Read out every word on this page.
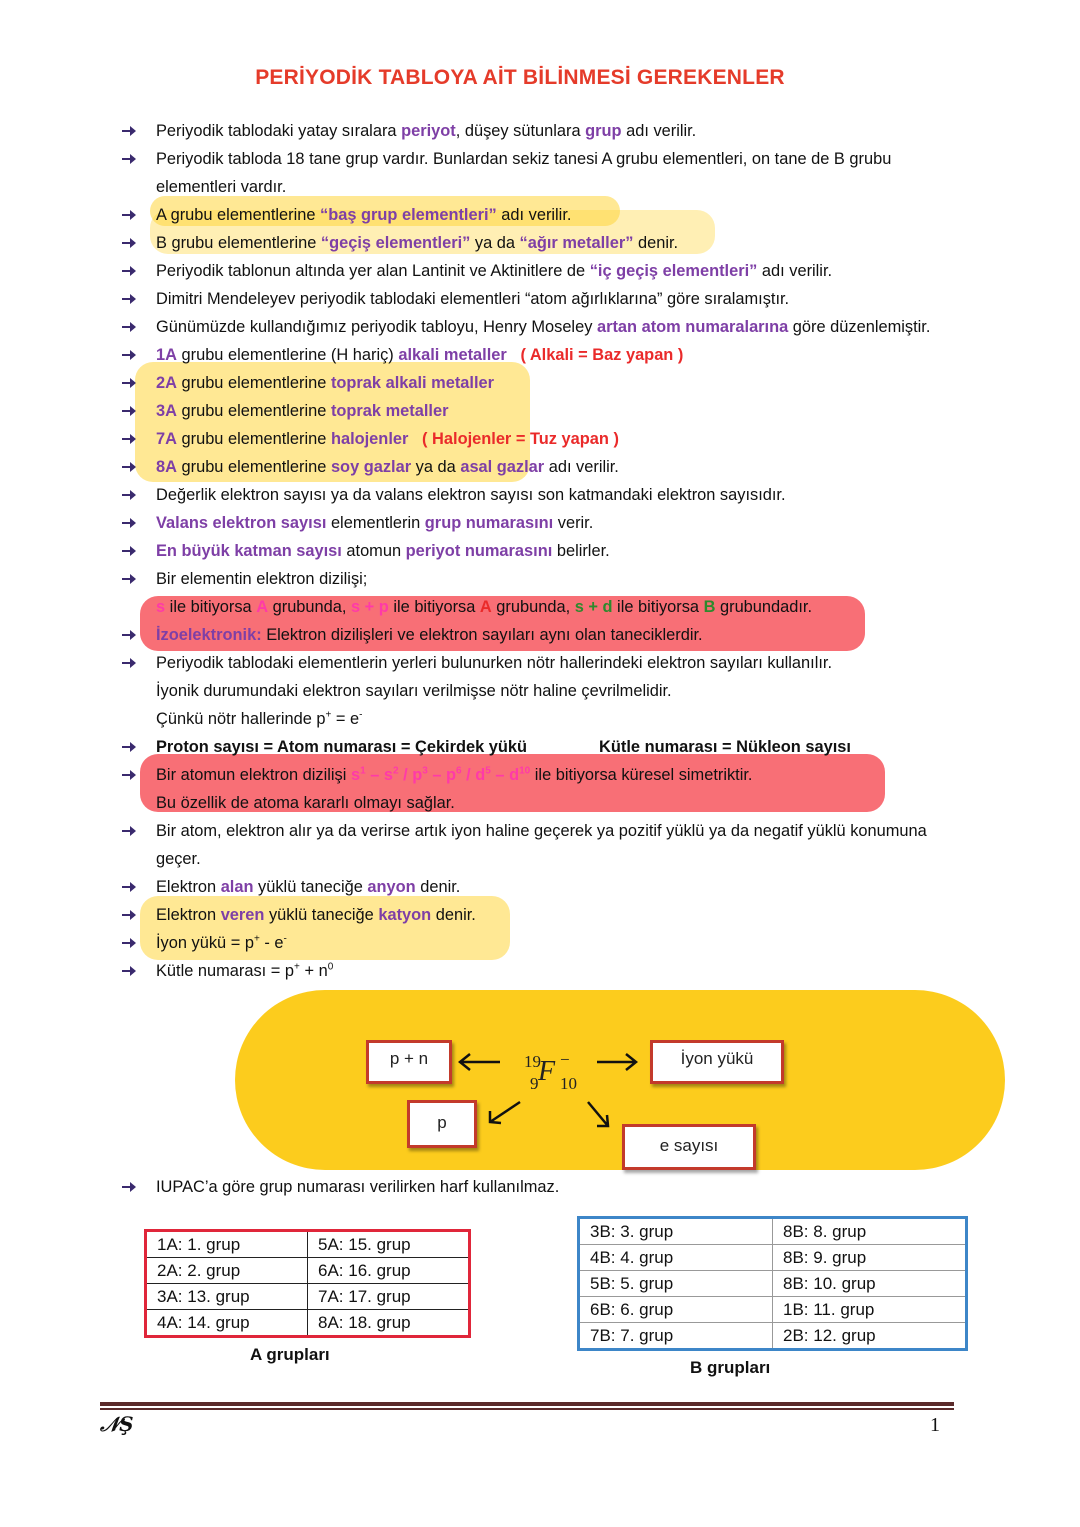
PERİYODİK TABLOYA AİT BİLİNMESİ GEREKENLER
Periyodik tablodaki yatay sıralara periyot, düşey sütunlara grup adı verilir.
Periyodik tabloda 18 tane grup vardır. Bunlardan sekiz tanesi A grubu elementleri, on tane de B grubu elementleri vardır.
A grubu elementlerine “baş grup elementleri” adı verilir.
B grubu elementlerine “geçiş elementleri” ya da “ağır metaller” denir.
Periyodik tablonun altında yer alan Lantinit ve Aktinitlere de “iç geçiş elementleri” adı verilir.
Dimitri Mendeleyev periyodik tablodaki elementleri “atom ağırlıklarına” göre sıralamıştır.
Günümüzde kullandığımız periyodik tabloyu, Henry Moseley artan atom numaralarına göre düzenlemiştir.
1A grubu elementlerine (H hariç) alkali metaller ( Alkali = Baz yapan )
2A grubu elementlerine toprak alkali metaller
3A grubu elementlerine toprak metaller
7A grubu elementlerine halojenler ( Halojenler = Tuz yapan )
8A grubu elementlerine soy gazlar ya da asal gazlar adı verilir.
Değerlik elektron sayısı ya da valans elektron sayısı son katmandaki elektron sayısıdır.
Valans elektron sayısı elementlerin grup numarasını verir.
En büyük katman sayısı atomun periyot numarasını belirler.
Bir elementin elektron dizilişi;
s ile bitiyorsa A grubunda, s + p ile bitiyorsa A grubunda, s + d ile bitiyorsa B grubundadır.
İzoelektronik: Elektron dizilişleri ve elektron sayıları aynı olan taneciklerdir.
Periyodik tablodaki elementlerin yerleri bulunurken nötr hallerindeki elektron sayıları kullanılır.
İyonik durumundaki elektron sayıları verilmişse nötr haline çevrilmelidir.
Çünkü nötr hallerinde p+ = e-
Proton sayısı = Atom numarası = Çekirdek yükü	Kütle numarası = Nükleon sayısı
Bir atomun elektron dizilişi $s^1 - s^2 / p^3 - p^6 / d^5 - d^{10}$ ile bitiyorsa küresel simetriktir.
Bu özellik de atoma kararlı olmayı sağlar.
Bir atom, elektron alır ya da verirse artık iyon haline geçerek ya pozitif yüklü ya da negatif yüklü konumuna geçer.
Elektron alan yüklü taneciğe anyon denir.
Elektron veren yüklü taneciğe katyon denir.
İyon yükü = p+ - e-
Kütle numarası = $p^+ + n^0$
p + n	İyon yükü
p
e sayısı
19
9 F −
10
IUPAC’a göre grup numarası verilirken harf kullanılmaz.
1A: 1. grup	5A: 15. grup
2A: 2. grup	6A: 16. grup
3A: 13. grup	7A: 17. grup
4A: 14. grup	8A: 18. grup
A grupları
3B: 3. grup	8B: 8. grup
4B: 4. grup	8B: 9. grup
5B: 5. grup	8B: 10. grup
6B: 6. grup	1B: 11. grup
7B: 7. grup	2B: 12. grup
B grupları
𝒩Ş	1
